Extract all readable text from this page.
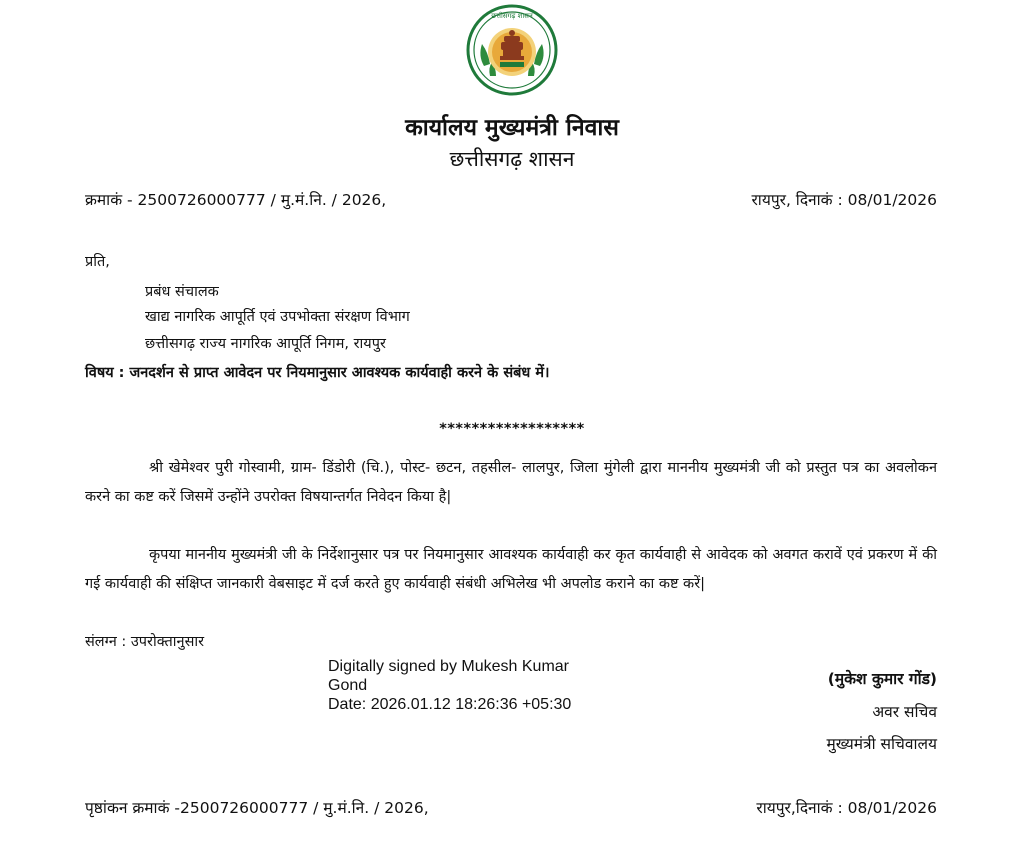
छत्तीसगढ़ शासन
कार्यालय मुख्यमंत्री निवास
छत्तीसगढ़ शासन
क्रमाकं - 2500726000777 / मु.मं.नि. / 2026,	रायपुर, दिनाकं : 08/01/2026
प्रति,
प्रबंध संचालक
खाद्य नागरिक आपूर्ति एवं उपभोक्ता संरक्षण विभाग
छत्तीसगढ़ राज्य नागरिक आपूर्ति निगम, रायपुर
विषय : जनदर्शन से प्राप्त आवेदन पर नियमानुसार आवश्यक कार्यवाही करने के संबंध में।
******************
श्री खेमेश्वर पुरी गोस्वामी, ग्राम- डिंडोरी (चि.), पोस्ट- छटन, तहसील- लालपुर, जिला मुंगेली द्वारा माननीय मुख्यमंत्री जी को प्रस्तुत पत्र का अवलोकन करने का कष्ट करें जिसमें उन्होंने उपरोक्त विषयान्तर्गत निवेदन किया है|
कृपया माननीय मुख्यमंत्री जी के निर्देशानुसार पत्र पर नियमानुसार आवश्यक कार्यवाही कर कृत कार्यवाही से आवेदक को अवगत करावें एवं प्रकरण में की गई कार्यवाही की संक्षिप्त जानकारी वेबसाइट में दर्ज करते हुए कार्यवाही संबंधी अभिलेख भी अपलोड कराने का कष्ट करें|
संलग्न : उपरोक्तानुसार
Digitally signed by Mukesh Kumar
Gond
Date: 2026.01.12 18:26:36 +05:30
(मुकेश कुमार गोंड)
अवर सचिव
मुख्यमंत्री सचिवालय
पृष्ठांकन क्रमाकं -2500726000777 / मु.मं.नि. / 2026,	रायपुर,दिनाकं : 08/01/2026
